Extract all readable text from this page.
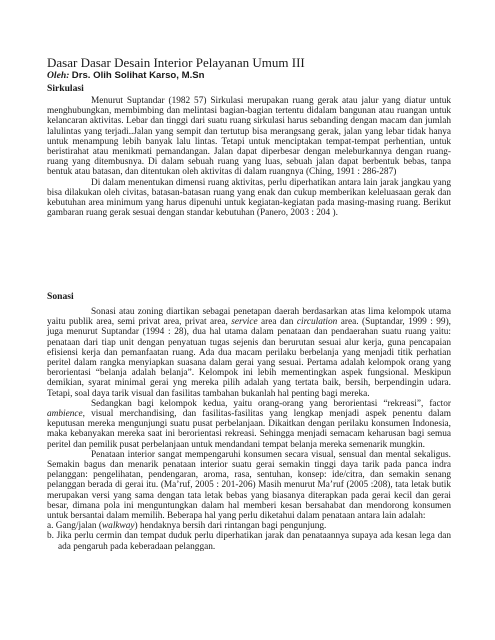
Dasar Dasar Desain Interior Pelayanan Umum III
Oleh: Drs. Olih Solihat Karso, M.Sn
Sirkulasi

Menurut Suptandar (1982 57) Sirkulasi merupakan ruang gerak atau jalur yang diatur untuk menghubungkan, membimbing dan melintasi bagian-bagian tertentu didalam bangunan atau ruangan untuk kelancaran aktivitas. Lebar dan tinggi dari suatu ruang sirkulasi harus sebanding dengan macam dan jumlah lalulintas yang terjadi..Jalan yang sempit dan tertutup bisa merangsang gerak, jalan yang lebar tidak hanya untuk menampung lebih banyak lalu lintas. Tetapi untuk menciptakan tempat-tempat perhentian, untuk beristirahat atau menikmati pemandangan. Jalan dapat diperbesar dengan meleburkannya dengan ruang-ruang yang ditembusnya. Di dalam sebuah ruang yang luas, sebuah jalan dapat berbentuk bebas, tanpa bentuk atau batasan, dan ditentukan oleh aktivitas di dalam ruangnya (Ching, 1991 : 286-287)

Di dalam menentukan dimensi ruang aktivitas, perlu diperhatikan antara lain jarak jangkau yang bisa dilakukan oleh civitas, batasan-batasan ruang yang enak dan cukup memberikan keleluasaan gerak dan kebutuhan area minimum yang harus dipenuhi untuk kegiatan-kegiatan pada masing-masing ruang. Berikut gambaran ruang gerak sesuai dengan standar kebutuhan (Panero, 2003 : 204 ).

Sonasi

Sonasi atau zoning diartikan sebagai penetapan daerah berdasarkan atas lima kelompok utama yaitu publik area, semi privat area, privat area, service area dan circulation area. (Suptandar, 1999 : 99), juga menurut Suptandar (1994 : 28), dua hal utama dalam penataan dan pendaerahan suatu ruang yaitu: penataan dari tiap unit dengan penyatuan tugas sejenis dan berurutan sesuai alur kerja, guna pencapaian efisiensi kerja dan pemanfaatan ruang. Ada dua macam perilaku berbelanja yang menjadi titik perhatian peritel dalam rangka menyiapkan suasana dalam gerai yang sesuai. Pertama adalah kelompok orang yang berorientasi “belanja adalah belanja”. Kelompok ini lebih mementingkan aspek fungsional. Meskipun demikian, syarat minimal gerai yng mereka pilih adalah yang tertata baik, bersih, berpendingin udara. Tetapi, soal daya tarik visual dan fasilitas tambahan bukanlah hal penting bagi mereka.

Sedangkan bagi kelompok kedua, yaitu orang-orang yang berorientasi “rekreasi”, factor ambience, visual merchandising, dan fasilitas-fasilitas yang lengkap menjadi aspek penentu dalam keputusan mereka mengunjungi suatu pusat perbelanjaan. Dikaitkan dengan perilaku konsumen Indonesia, maka kebanyakan mereka saat ini berorientasi rekreasi. Sehingga menjadi semacam keharusan bagi semua peritel dan pemilik pusat perbelanjaan untuk mendandani tempat belanja mereka semenarik mungkin.

Penataan interior sangat mempengaruhi konsumen secara visual, sensual dan mental sekaligus. Semakin bagus dan menarik penataan interior suatu gerai semakin tinggi daya tarik pada panca indra pelanggan: pengelihatan, pendengaran, aroma, rasa, sentuhan, konsep: ide/citra, dan semakin senang pelanggan berada di gerai itu. (Ma’ruf, 2005 : 201-206) Masih menurut Ma’ruf (2005 :208), tata letak butik merupakan versi yang sama dengan tata letak bebas yang biasanya diterapkan pada gerai kecil dan gerai besar, dimana pola ini menguntungkan dalam hal memberi kesan bersahabat dan mendorong konsumen untuk bersantai dalam memilih. Beberapa hal yang perlu diketahui dalam penataan antara lain adalah:

a. Gang/jalan (walkway) hendaknya bersih dari rintangan bagi pengunjung.
b. Jika perlu cermin dan tempat duduk perlu diperhatikan jarak dan penataannya supaya ada kesan lega dan ada pengaruh pada keberadaan pelanggan.
